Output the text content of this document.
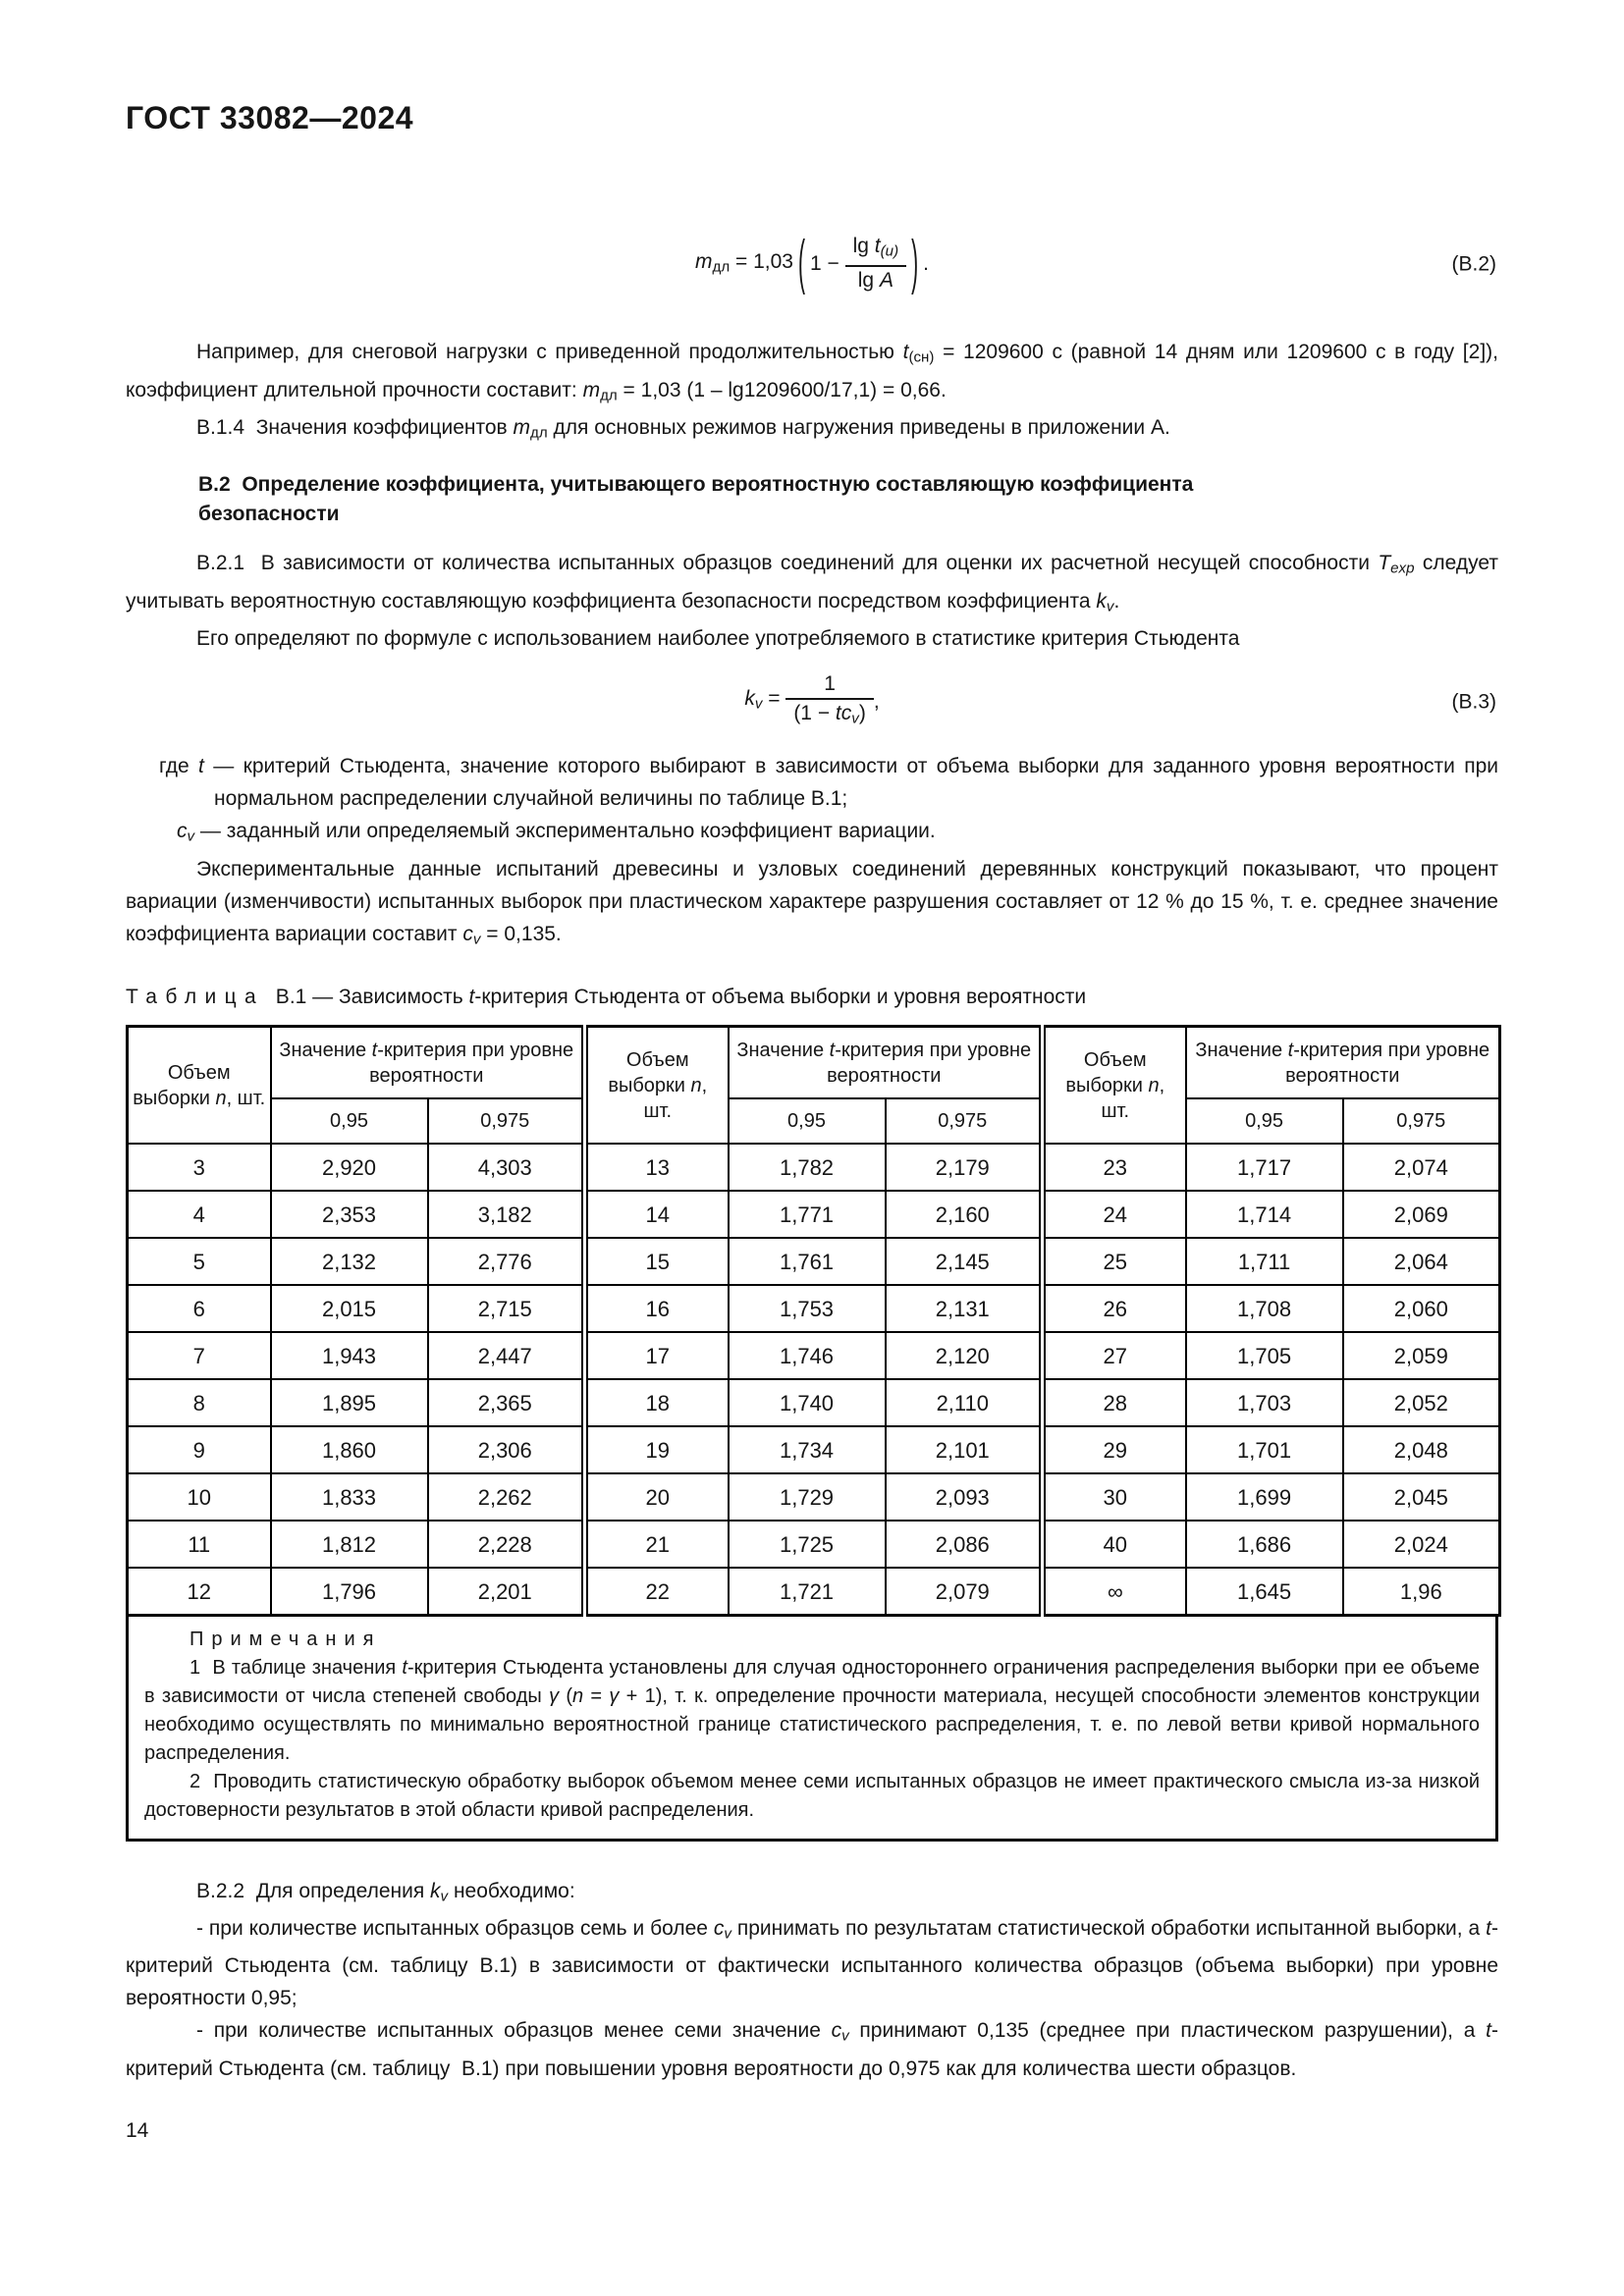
ГОСТ 33082—2024
$m_{дл} = 1,03$ ( $1 - \frac{\text{lg t(u)}}{\text{lg A}}$ ) .	(В.2)

Например, для снеговой нагрузки с приведенной продолжительностью $t_{(сн)} = 1209600$ с (равной 14 дням или 1209600 с в году [2]), коэффициент длительной прочности составит: $m_{дл} = 1,03$ (1 – lg1209600/17,1) = 0,66.

В.1.4  Значения коэффициентов $m_{дл}$ для основных режимов нагружения приведены в приложении А.

В.2  Определение коэффициента, учитывающего вероятностную составляющую коэффициента безопасности

В.2.1  В зависимости от количества испытанных образцов соединений для оценки их расчетной несущей способности Texp следует учитывать вероятностную составляющую коэффициента безопасности посредством коэффициента kv.

Его определяют по формуле с использованием наиболее употребляемого в статистике критерия Стьюдента

kv = $\frac{1}{\text{(1 − tcv)}}$ ,	(В.3)

где t — критерий Стьюдента, значение которого выбирают в зависимости от объема выборки для заданного уровня вероятности при нормальном распределении случайной величины по таблице В.1;

cv — заданный или определяемый экспериментально коэффициент вариации.

Экспериментальные данные испытаний древесины и узловых соединений деревянных конструкций показывают, что процент вариации (изменчивости) испытанных выборок при пластическом характере разрушения составляет от 12 % до 15 %, т. е. среднее значение коэффициента вариации составит cv = 0,135.

Таблица  В.1 — Зависимость t-критерия Стьюдента от объема выборки и уровня вероятности

Объем выборки n, шт.	Значение t-критерия при уровне вероятности		Объем выборки n, шт.	Значение t-критерия при уровне вероятности		Объем выборки n, шт.	Значение t-критерия при уровне вероятности	
	0,95	0,975		0,95	0,975		0,95	0,975
3	2,920	4,303	13	1,782	2,179	23	1,717	2,074
4	2,353	3,182	14	1,771	2,160	24	1,714	2,069
5	2,132	2,776	15	1,761	2,145	25	1,711	2,064
6	2,015	2,715	16	1,753	2,131	26	1,708	2,060
7	1,943	2,447	17	1,746	2,120	27	1,705	2,059
8	1,895	2,365	18	1,740	2,110	28	1,703	2,052
9	1,860	2,306	19	1,734	2,101	29	1,701	2,048
10	1,833	2,262	20	1,729	2,093	30	1,699	2,045
11	1,812	2,228	21	1,725	2,086	40	1,686	2,024
12	1,796	2,201	22	1,721	2,079	∞	1,645	1,96
Примечания

1  В таблице значения t-критерия Стьюдента установлены для случая одностороннего ограничения распределения выборки при ее объеме в зависимости от числа степеней свободы γ (n = γ + 1), т. к. определение прочности материала, несущей способности элементов конструкции необходимо осуществлять по минимально вероятностной границе статистического распределения, т. е. по левой ветви кривой нормального распределения.

2  Проводить статистическую обработку выборок объемом менее семи испытанных образцов не имеет практического смысла из-за низкой достоверности результатов в этой области кривой распределения.

В.2.2  Для определения kv необходимо:

- при количестве испытанных образцов семь и более cv принимать по результатам статистической обработки испытанной выборки, а t-критерий Стьюдента (см. таблицу В.1) в зависимости от фактически испытанного количества образцов (объема выборки) при уровне вероятности 0,95;

- при количестве испытанных образцов менее семи значение cv принимают 0,135 (среднее при пластическом разрушении), а t-критерий Стьюдента (см. таблицу  В.1) при повышении уровня вероятности до 0,975 как для количества шести образцов.

14
